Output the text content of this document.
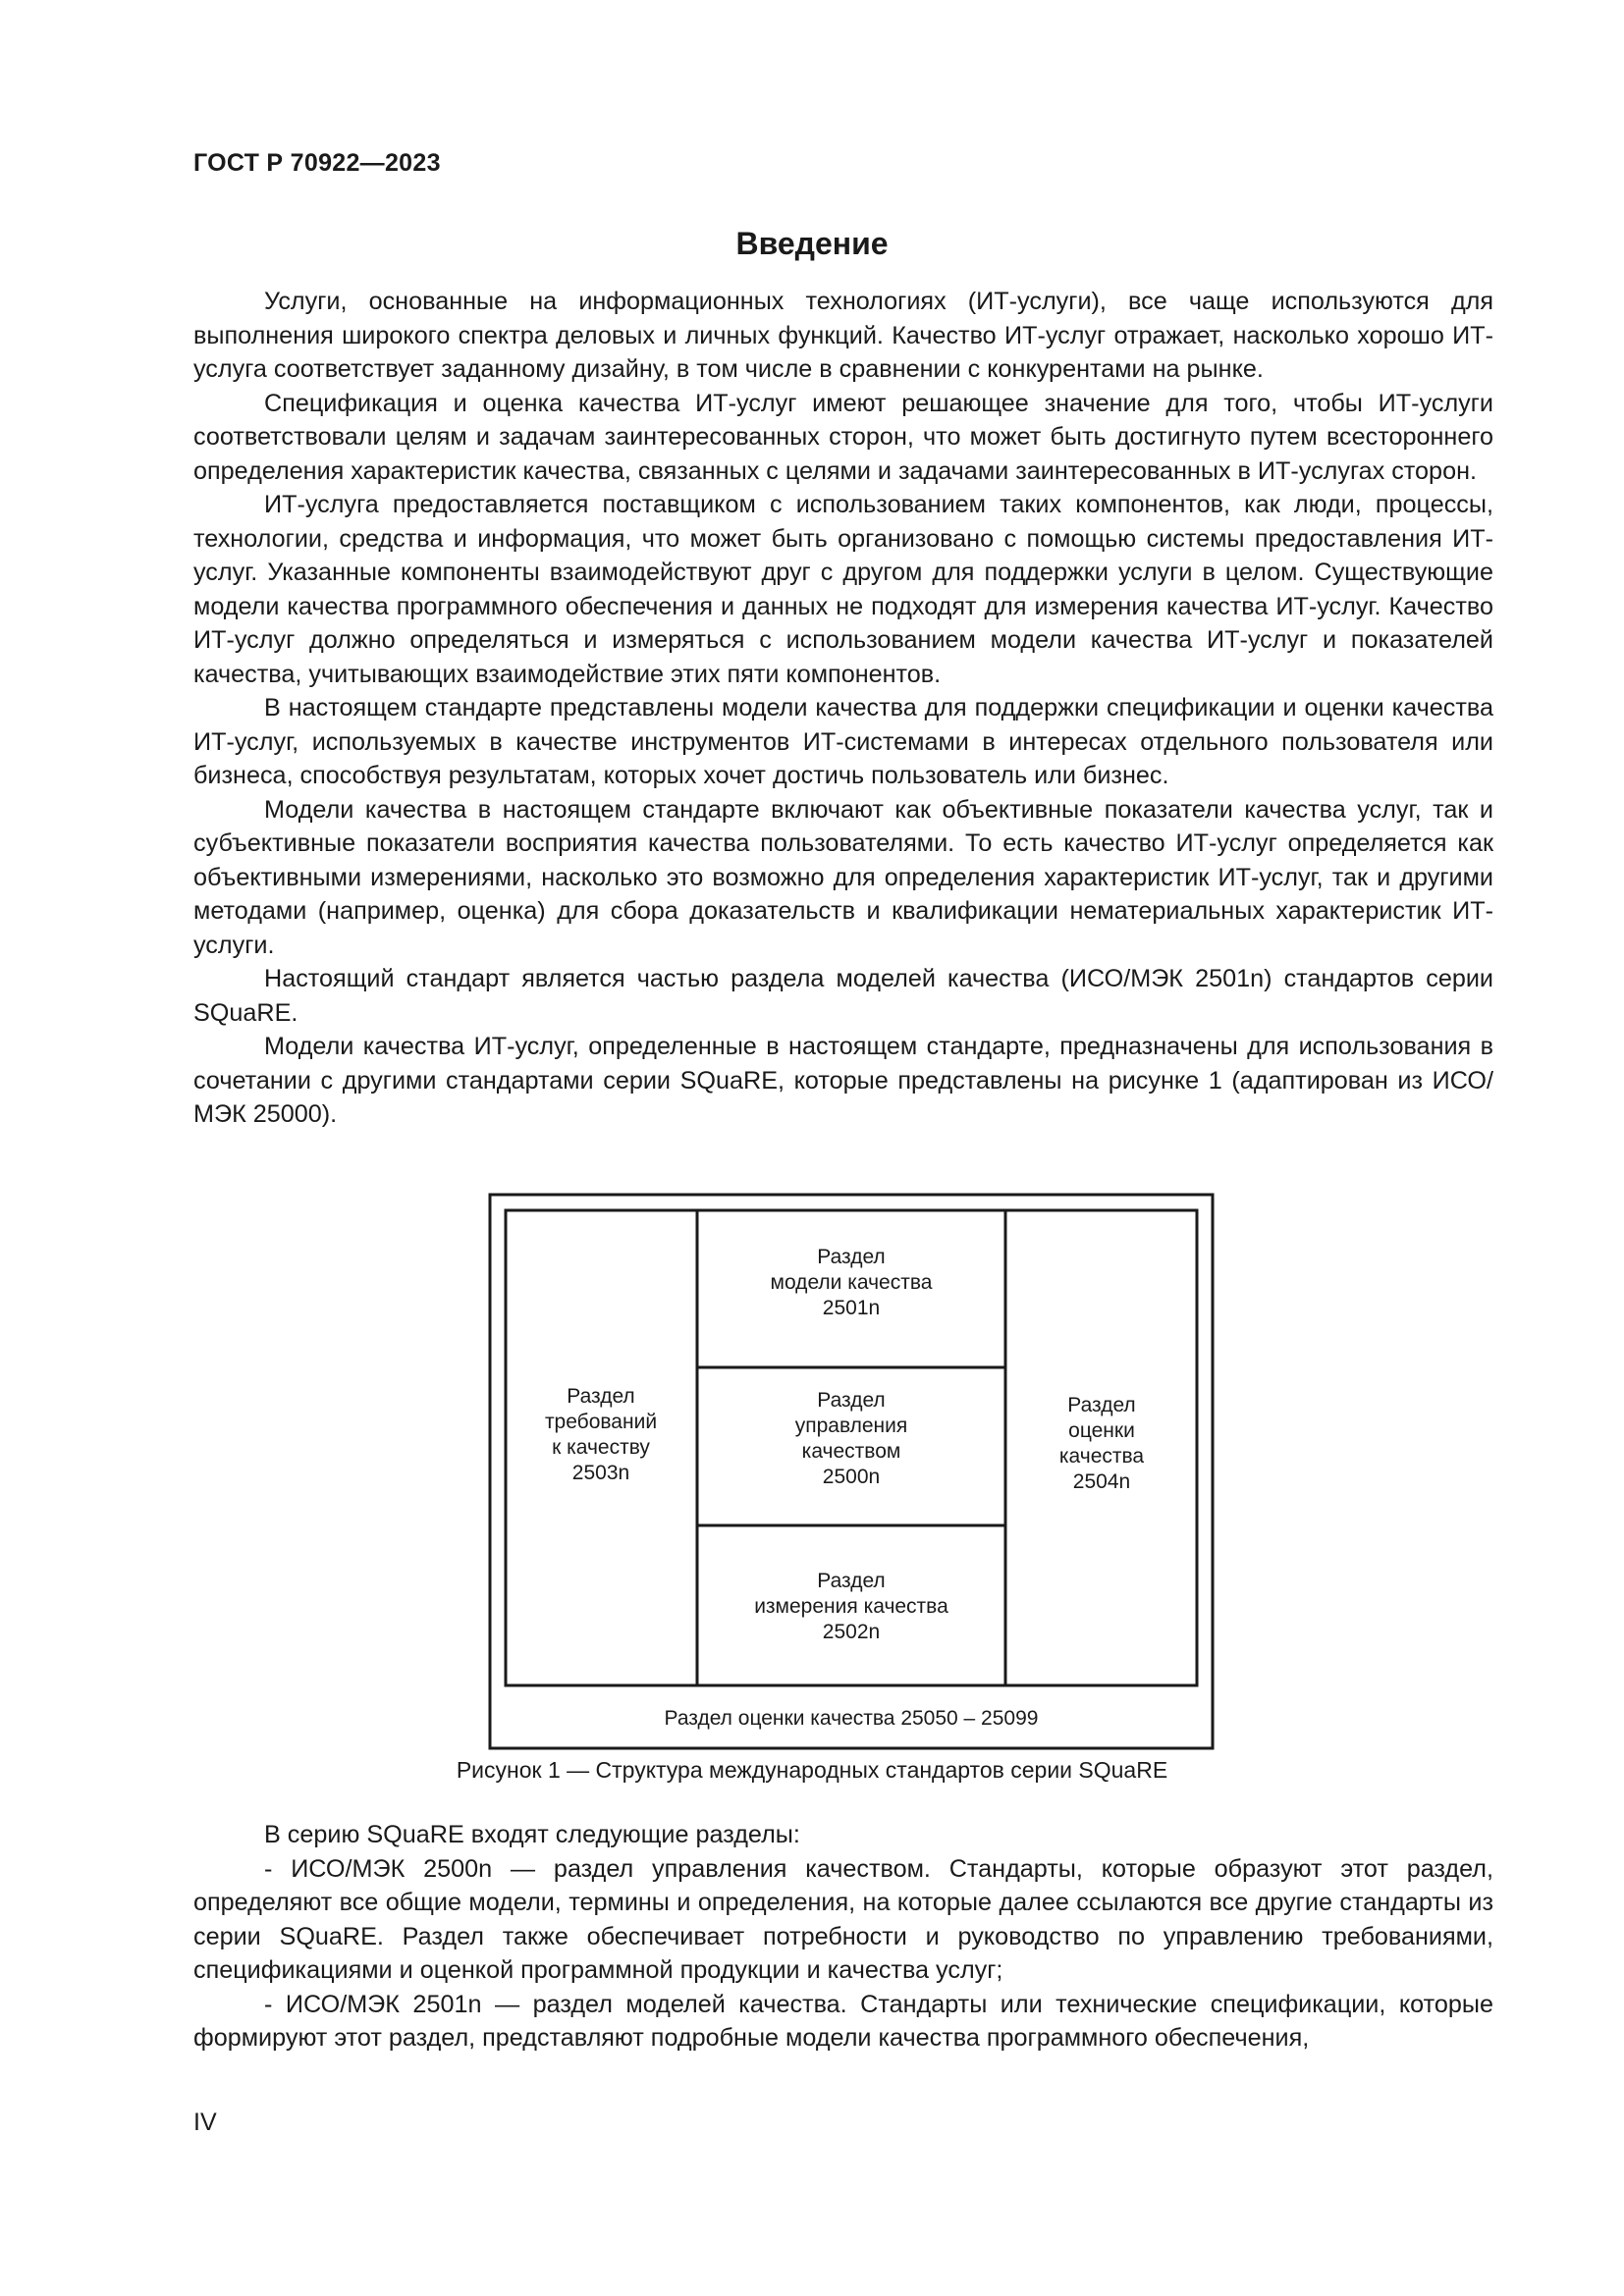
ГОСТ Р 70922—2023
Введение

Услуги, основанные на информационных технологиях (ИТ-услуги), все чаще используются для выполнения широкого спектра деловых и личных функций. Качество ИТ-услуг отражает, насколько хорошо ИТ-услуга соответствует заданному дизайну, в том числе в сравнении с конкурентами на рынке.

Спецификация и оценка качества ИТ-услуг имеют решающее значение для того, чтобы ИТ-услуги соответствовали целям и задачам заинтересованных сторон, что может быть достигнуто путем всестороннего определения характеристик качества, связанных с целями и задачами заинтересованных в ИТ-услугах сторон.

ИТ-услуга предоставляется поставщиком с использованием таких компонентов, как люди, процессы, технологии, средства и информация, что может быть организовано с помощью системы предоставления ИТ-услуг. Указанные компоненты взаимодействуют друг с другом для поддержки услуги в целом. Существующие модели качества программного обеспечения и данных не подходят для измерения качества ИТ-услуг. Качество ИТ-услуг должно определяться и измеряться с использованием модели качества ИТ-услуг и показателей качества, учитывающих взаимодействие этих пяти компонентов.

В настоящем стандарте представлены модели качества для поддержки спецификации и оценки качества ИТ-услуг, используемых в качестве инструментов ИТ-системами в интересах отдельного пользователя или бизнеса, способствуя результатам, которых хочет достичь пользователь или бизнес.

Модели качества в настоящем стандарте включают как объективные показатели качества услуг, так и субъективные показатели восприятия качества пользователями. То есть качество ИТ-услуг определяется как объективными измерениями, насколько это возможно для определения характеристик ИТ-услуг, так и другими методами (например, оценка) для сбора доказательств и квалификации нематериальных характеристик ИТ-услуги.

Настоящий стандарт является частью раздела моделей качества (ИСО/МЭК 2501n) стандартов серии SQuaRE.

Модели качества ИТ-услуг, определенные в настоящем стандарте, предназначены для использования в сочетании с другими стандартами серии SQuaRE, которые представлены на рисунке 1 (адаптирован из ИСО/МЭК 25000).

Раздел
требований
к качеству
2503n
Раздел
модели качества
2501n
Раздел
управления
качеством
2500n
Раздел
измерения качества
2502n
Раздел
оценки
качества
2504n
Раздел оценки качества 25050 – 25099
Рисунок 1 — Структура международных стандартов серии SQuaRE

В серию SQuaRE входят следующие разделы:

- ИСО/МЭК 2500n — раздел управления качеством. Стандарты, которые образуют этот раздел, определяют все общие модели, термины и определения, на которые далее ссылаются все другие стандарты из серии SQuaRE. Раздел также обеспечивает потребности и руководство по управлению требованиями, спецификациями и оценкой программной продукции и качества услуг;

- ИСО/МЭК 2501n — раздел моделей качества. Стандарты или технические спецификации, которые формируют этот раздел, представляют подробные модели качества программного обеспечения,

IV
